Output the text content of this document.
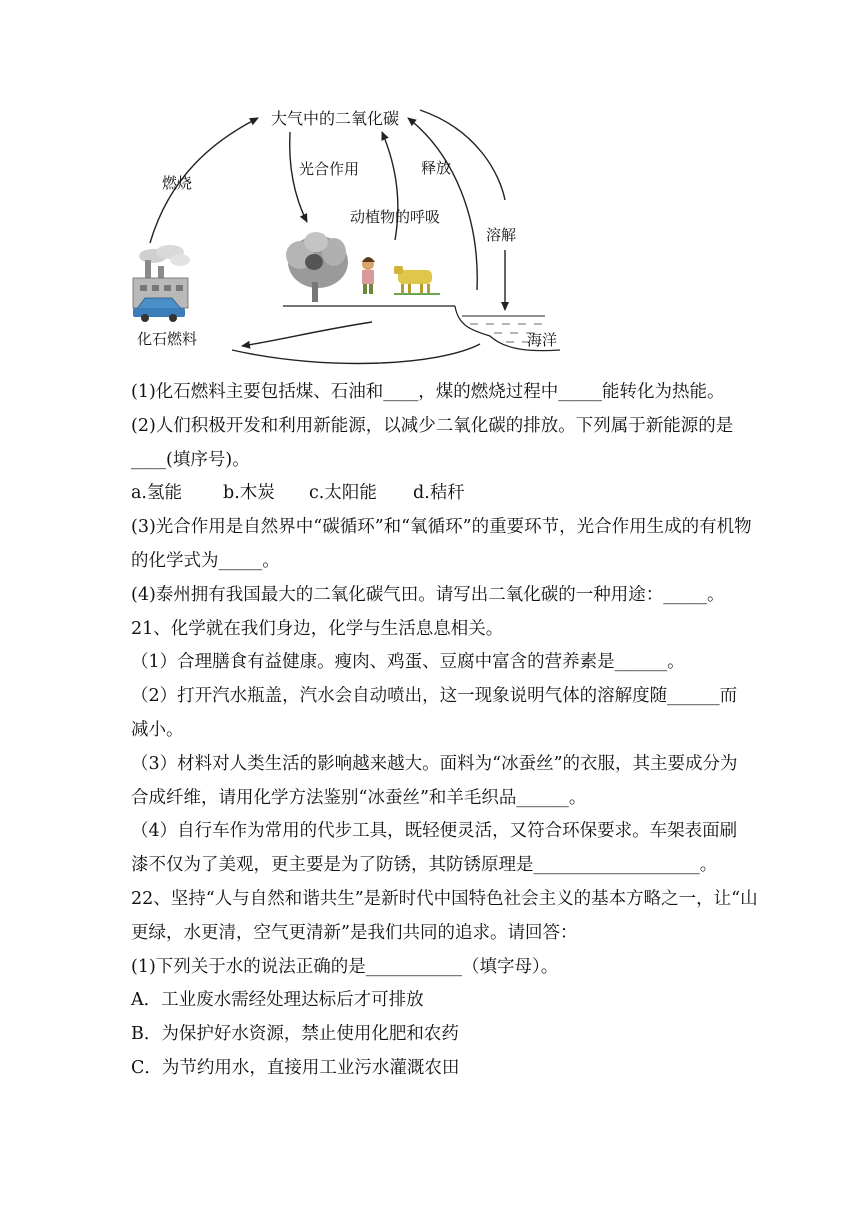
大气中的二氧化碳
燃烧
光合作用
动植物的呼吸
释放
溶解
化石燃料	海洋
(1)化石燃料主要包括煤、石油和____，煤的燃烧过程中_____能转化为热能。
(2)人们积极开发和利用新能源，以减少二氧化碳的排放。下列属于新能源的是
____(填序号)。
a.氢能 b.木炭 c.太阳能 d.秸秆
(3)光合作用是自然界中“碳循环”和“氧循环”的重要环节，光合作用生成的有机物
的化学式为_____。
(4)泰州拥有我国最大的二氧化碳气田。请写出二氧化碳的一种用途：_____。
21、化学就在我们身边，化学与生活息息相关。
（1）合理膳食有益健康。瘦肉、鸡蛋、豆腐中富含的营养素是______。
（2）打开汽水瓶盖，汽水会自动喷出，这一现象说明气体的溶解度随______而
减小。
（3）材料对人类生活的影响越来越大。面料为“冰蚕丝”的衣服，其主要成分为
合成纤维，请用化学方法鉴别“冰蚕丝”和羊毛织品______。
（4）自行车作为常用的代步工具，既轻便灵活，又符合环保要求。车架表面刷
漆不仅为了美观，更主要是为了防锈，其防锈原理是___________________。
22、坚持“人与自然和谐共生”是新时代中国特色社会主义的基本方略之一，让“山
更绿，水更清，空气更清新”是我们共同的追求。请回答：
(1)下列关于水的说法正确的是___________（填字母）。
A．工业废水需经处理达标后才可排放
B．为保护好水资源，禁止使用化肥和农药
C．为节约用水，直接用工业污水灌溉农田
